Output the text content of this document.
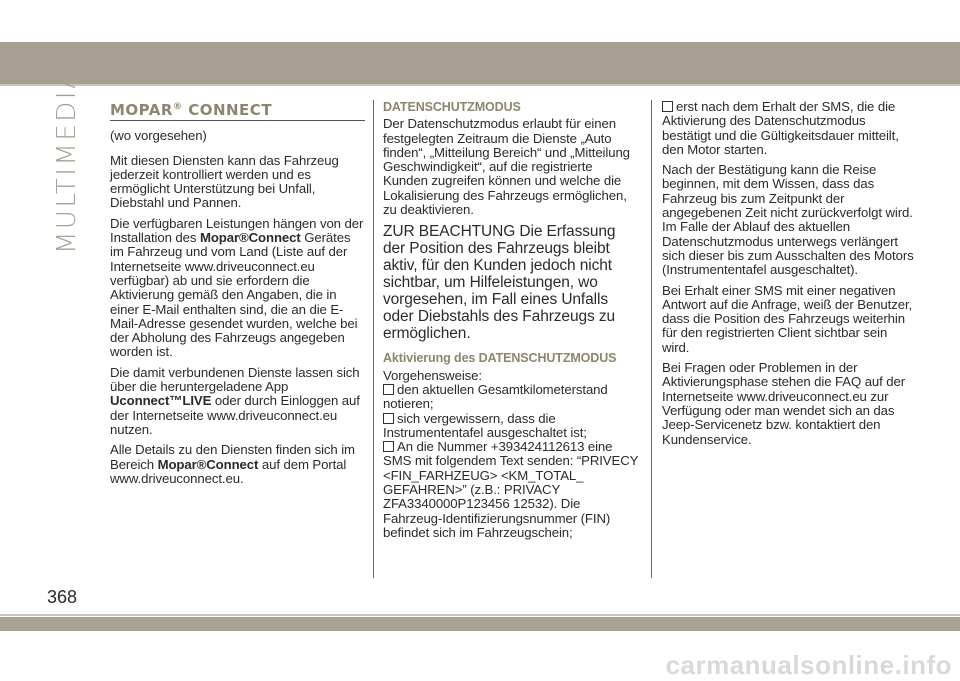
MULTIMEDIA MOPAR® CONNECT

(wo vorgesehen)

Mit diesen Diensten kann das Fahrzeug jederzeit kontrolliert werden und es ermöglicht Unterstützung bei Unfall, Diebstahl und Pannen.

Die verfügbaren Leistungen hängen von der Installation des Mopar®Connect Gerätes im Fahrzeug und vom Land (Liste auf der Internetseite www.driveuconnect.eu verfügbar) ab und sie erfordern die Aktivierung gemäß den Angaben, die in einer E-Mail enthalten sind, die an die E-Mail-Adresse gesendet wurden, welche bei der Abholung des Fahrzeugs angegeben worden ist.

Die damit verbundenen Dienste lassen sich über die heruntergeladene App Uconnect™LIVE oder durch Einloggen auf der Internetseite www.driveuconnect.eu nutzen.

Alle Details zu den Diensten finden sich im Bereich Mopar®Connect auf dem Portal www.driveuconnect.eu.

DATENSCHUTZMODUS

Der Datenschutzmodus erlaubt für einen festgelegten Zeitraum die Dienste „Auto finden“, „Mitteilung Bereich“ und „Mitteilung Geschwindigkeit“, auf die registrierte Kunden zugreifen können und welche die Lokalisierung des Fahrzeugs ermöglichen, zu deaktivieren.

ZUR BEACHTUNG Die Erfassung der Position des Fahrzeugs bleibt aktiv, für den Kunden jedoch nicht sichtbar, um Hilfeleistungen, wo vorgesehen, im Fall eines Unfalls oder Diebstahls des Fahrzeugs zu ermöglichen.

Aktivierung des DATENSCHUTZMODUS

Vorgehensweise:
den aktuellen Gesamtkilometerstand notieren;
sich vergewissern, dass die Instrumententafel ausgeschaltet ist;
An die Nummer +393424112613 eine SMS mit folgendem Text senden: “PRIVECY <FIN_FARHZEUG> <KM_TOTAL_ GEFAHREN>” (z.B.: PRIVACY ZFA3340000P123456 12532). Die Fahrzeug-Identifizierungsnummer (FIN) befindet sich im Fahrzeugschein;

erst nach dem Erhalt der SMS, die die Aktivierung des Datenschutzmodus bestätigt und die Gültigkeitsdauer mitteilt, den Motor starten.

Nach der Bestätigung kann die Reise beginnen, mit dem Wissen, dass das Fahrzeug bis zum Zeitpunkt der angegebenen Zeit nicht zurückverfolgt wird. Im Falle der Ablauf des aktuellen Datenschutzmodus unterwegs verlängert sich dieser bis zum Ausschalten des Motors (Instrumententafel ausgeschaltet).

Bei Erhalt einer SMS mit einer negativen Antwort auf die Anfrage, weiß der Benutzer, dass die Position des Fahrzeugs weiterhin für den registrierten Client sichtbar sein wird.

Bei Fragen oder Problemen in der Aktivierungsphase stehen die FAQ auf der Internetseite www.driveuconnect.eu zur Verfügung oder man wendet sich an das Jeep-Servicenetz bzw. kontaktiert den Kundenservice.

368
carmanualsonline.info
